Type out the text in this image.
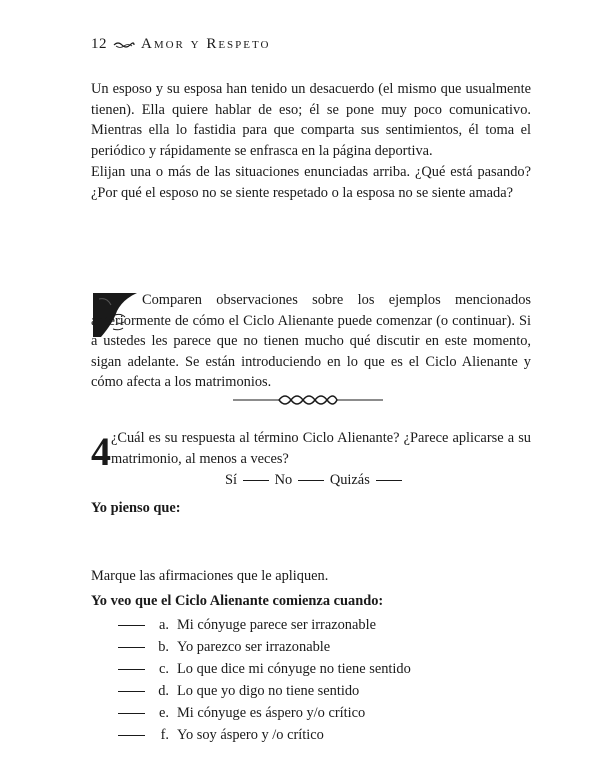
12 Amor y Respeto

Un esposo y su esposa han tenido un desacuerdo (el mismo que usualmente tienen). Ella quiere hablar de eso; él se pone muy poco comunicativo. Mientras ella lo fastidia para que comparta sus sentimientos, él toma el periódico y rápidamente se enfrasca en la página deportiva.

Elijan una o más de las situaciones enunciadas arriba. ¿Qué está pasando? ¿Por qué el esposo no se siente respetado o la esposa no se siente amada?

Comparen observaciones sobre los ejemplos mencionados anteriormente de cómo el Ciclo Alienante puede comenzar (o continuar). Si a ustedes les parece que no tienen mucho qué discutir en este momento, sigan adelante. Se están introduciendo en lo que es el Ciclo Alienante y cómo afecta a los matrimonios.

4 ¿Cuál es su respuesta al término Ciclo Alienante? ¿Parece aplicarse a su matrimonio, al menos a veces?

Sí	No	Quizás
Yo pienso que:
Marque las afirmaciones que le apliquen.
Yo veo que el Ciclo Alienante comienza cuando:
a. Mi cónyuge parece ser irrazonable
b. Yo parezco ser irrazonable
c. Lo que dice mi cónyuge no tiene sentido
d. Lo que yo digo no tiene sentido
e. Mi cónyuge es áspero y/o crítico
f. Yo soy áspero y /o crítico
